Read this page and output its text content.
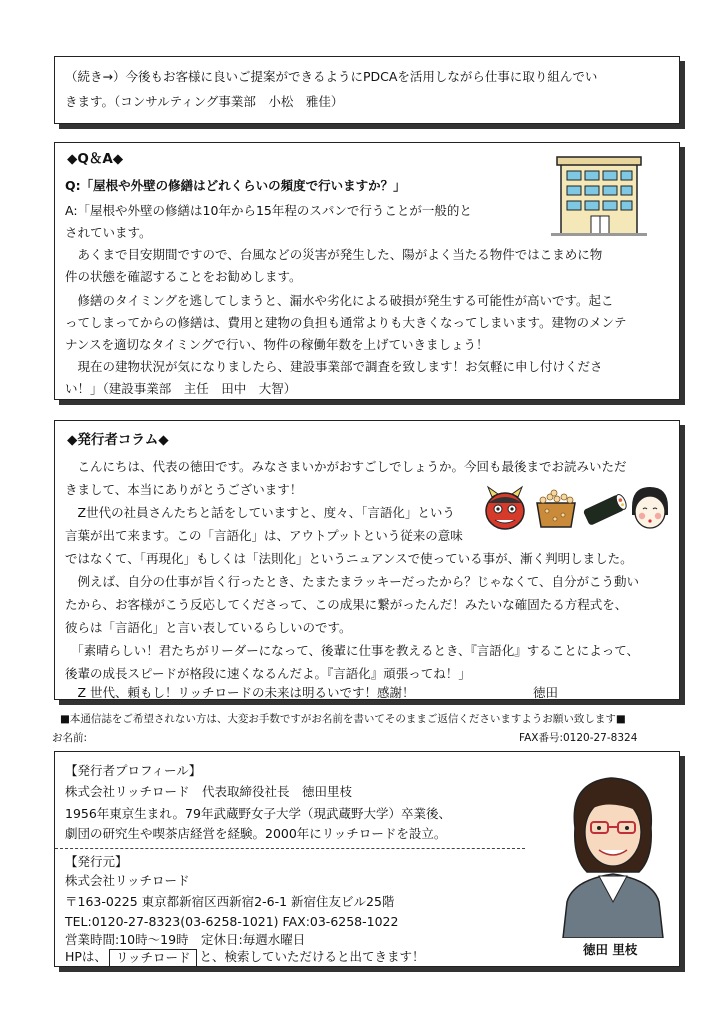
（続き→）今後もお客様に良いご提案ができるようにPDCAを活用しながら仕事に取り組んでい
きます。（コンサルティング事業部　小松　雅佳）
◆Q＆A◆
Q:「屋根や外壁の修繕はどれくらいの頻度で行いますか？」
A:「屋根や外壁の修繕は10年から15年程のスパンで行うことが一般的と
されています。
　あくまで目安期間ですので、台風などの災害が発生した、陽がよく当たる物件ではこまめに物
件の状態を確認することをお勧めします。
　修繕のタイミングを逃してしまうと、漏水や劣化による破損が発生する可能性が高いです。起こ
ってしまってからの修繕は、費用と建物の負担も通常よりも大きくなってしまいます。建物のメンテ
ナンスを適切なタイミングで行い、物件の稼働年数を上げていきましょう！
　現在の建物状況が気になりましたら、建設事業部で調査を致します！お気軽に申し付けくださ
い！」（建設事業部　主任　田中　大智）
◆発行者コラム◆
　こんにちは、代表の徳田です。みなさまいかがおすごしでしょうか。今回も最後までお読みいただ
きまして、本当にありがとうございます！
　Z世代の社員さんたちと話をしていますと、度々、「言語化」という
言葉が出て来ます。この「言語化」は、アウトプットという従来の意味
ではなくて、「再現化」もしくは「法則化」というニュアンスで使っている事が、漸く判明しました。
　例えば、自分の仕事が旨く行ったとき、たまたまラッキーだったから？じゃなくて、自分がこう動い
たから、お客様がこう反応してくださって、この成果に繋がったんだ！みたいな確固たる方程式を、
彼らは「言語化」と言い表しているらしいのです。
　「素晴らしい！君たちがリーダーになって、後輩に仕事を教えるとき、『言語化』することによって、
後輩の成長スピードが格段に速くなるんだよ。『言語化』頑張ってね！」
　Z 世代、頼もし！リッチロードの未来は明るいです！感謝！	徳田
■本通信誌をご希望されない方は、大変お手数ですがお名前を書いてそのままご返信くださいますようお願い致します■
お名前:	FAX番号:0120-27-8324
【発行者プロフィール】
株式会社リッチロード　代表取締役社長　徳田里枝
1956年東京生まれ。79年武蔵野女子大学（現武蔵野大学）卒業後、
劇団の研究生や喫茶店経営を経験。2000年にリッチロードを設立。
【発行元】
株式会社リッチロード
〒163-0225 東京都新宿区西新宿2-6-1 新宿住友ビル25階
TEL:0120-27-8323(03-6258-1021) FAX:03-6258-1022
営業時間:10時～19時　定休日:毎週水曜日
HPは、 リッチロード と、検索していただけると出てきます！	徳田 里枝
